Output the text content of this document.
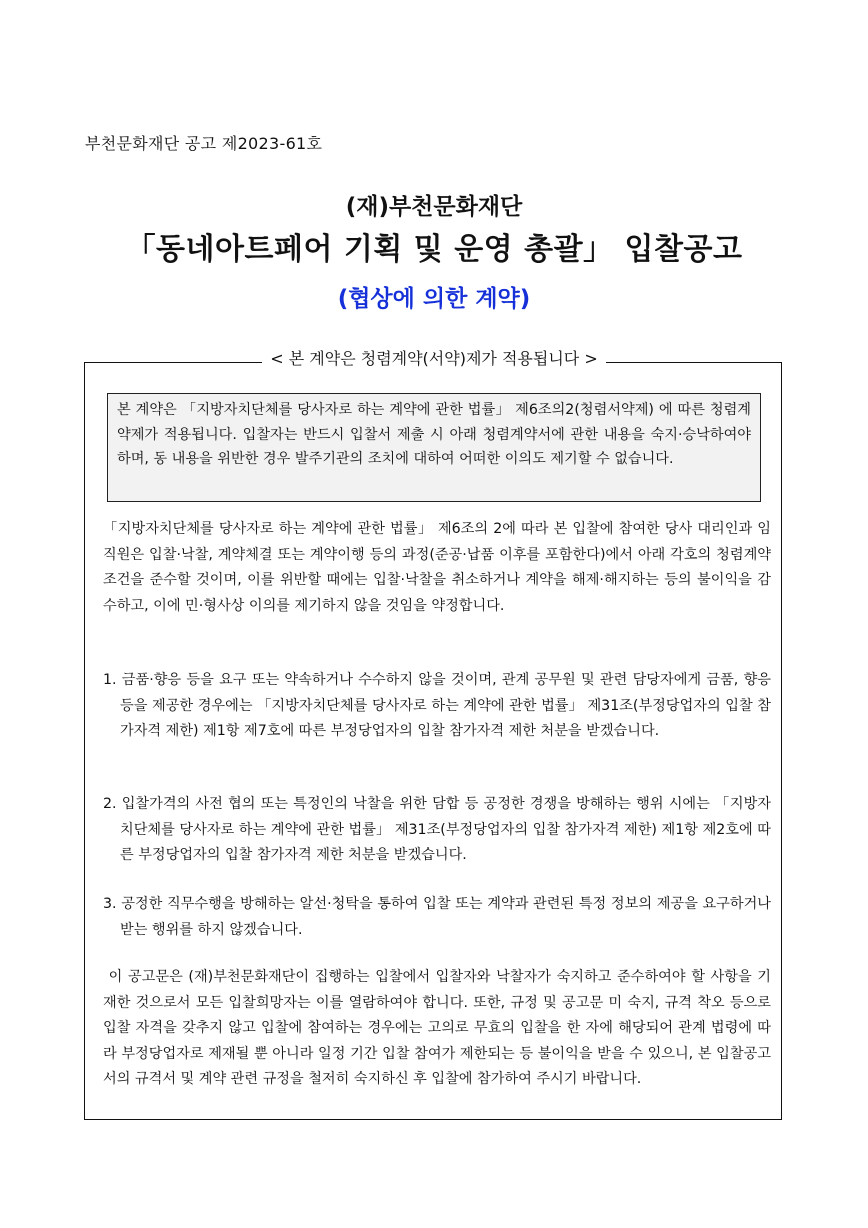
부천문화재단 공고 제2023-61호
(재)부천문화재단
「동네아트페어 기획 및 운영 총괄」 입찰공고
(협상에 의한 계약)
< 본 계약은 청렴계약(서약)제가 적용됩니다 >
본 계약은 「지방자치단체를 당사자로 하는 계약에 관한 법률」 제6조의2(청렴서약제) 에 따른 청렴계약제가 적용됩니다. 입찰자는 반드시 입찰서 제출 시 아래 청렴계약서에 관한 내용을 숙지·승낙하여야 하며, 동 내용을 위반한 경우 발주기관의 조치에 대하여 어떠한 이의도 제기할 수 없습니다.
「지방자치단체를 당사자로 하는 계약에 관한 법률」 제6조의 2에 따라 본 입찰에 참여한 당사 대리인과 임직원은 입찰·낙찰, 계약체결 또는 계약이행 등의 과정(준공·납품 이후를 포함한다)에서 아래 각호의 청렴계약 조건을 준수할 것이며, 이를 위반할 때에는 입찰·낙찰을 취소하거나 계약을 해제·해지하는 등의 불이익을 감수하고, 이에 민·형사상 이의를 제기하지 않을 것임을 약정합니다.
1. 금품·향응 등을 요구 또는 약속하거나 수수하지 않을 것이며, 관계 공무원 및 관련 담당자에게 금품, 향응 등을 제공한 경우에는 「지방자치단체를 당사자로 하는 계약에 관한 법률」 제31조(부정당업자의 입찰 참가자격 제한) 제1항 제7호에 따른 부정당업자의 입찰 참가자격 제한 처분을 받겠습니다.
2. 입찰가격의 사전 협의 또는 특정인의 낙찰을 위한 담합 등 공정한 경쟁을 방해하는 행위 시에는 「지방자치단체를 당사자로 하는 계약에 관한 법률」 제31조(부정당업자의 입찰 참가자격 제한) 제1항 제2호에 따른 부정당업자의 입찰 참가자격 제한 처분을 받겠습니다.
3. 공정한 직무수행을 방해하는 알선·청탁을 통하여 입찰 또는 계약과 관련된 특정 정보의 제공을 요구하거나 받는 행위를 하지 않겠습니다.
이 공고문은 (재)부천문화재단이 집행하는 입찰에서 입찰자와 낙찰자가 숙지하고 준수하여야 할 사항을 기재한 것으로서 모든 입찰희망자는 이를 열람하여야 합니다. 또한, 규정 및 공고문 미 숙지, 규격 착오 등으로 입찰 자격을 갖추지 않고 입찰에 참여하는 경우에는 고의로 무효의 입찰을 한 자에 해당되어 관계 법령에 따라 부정당업자로 제재될 뿐 아니라 일정 기간 입찰 참여가 제한되는 등 불이익을 받을 수 있으니, 본 입찰공고서의 규격서 및 계약 관련 규정을 철저히 숙지하신 후 입찰에 참가하여 주시기 바랍니다.
